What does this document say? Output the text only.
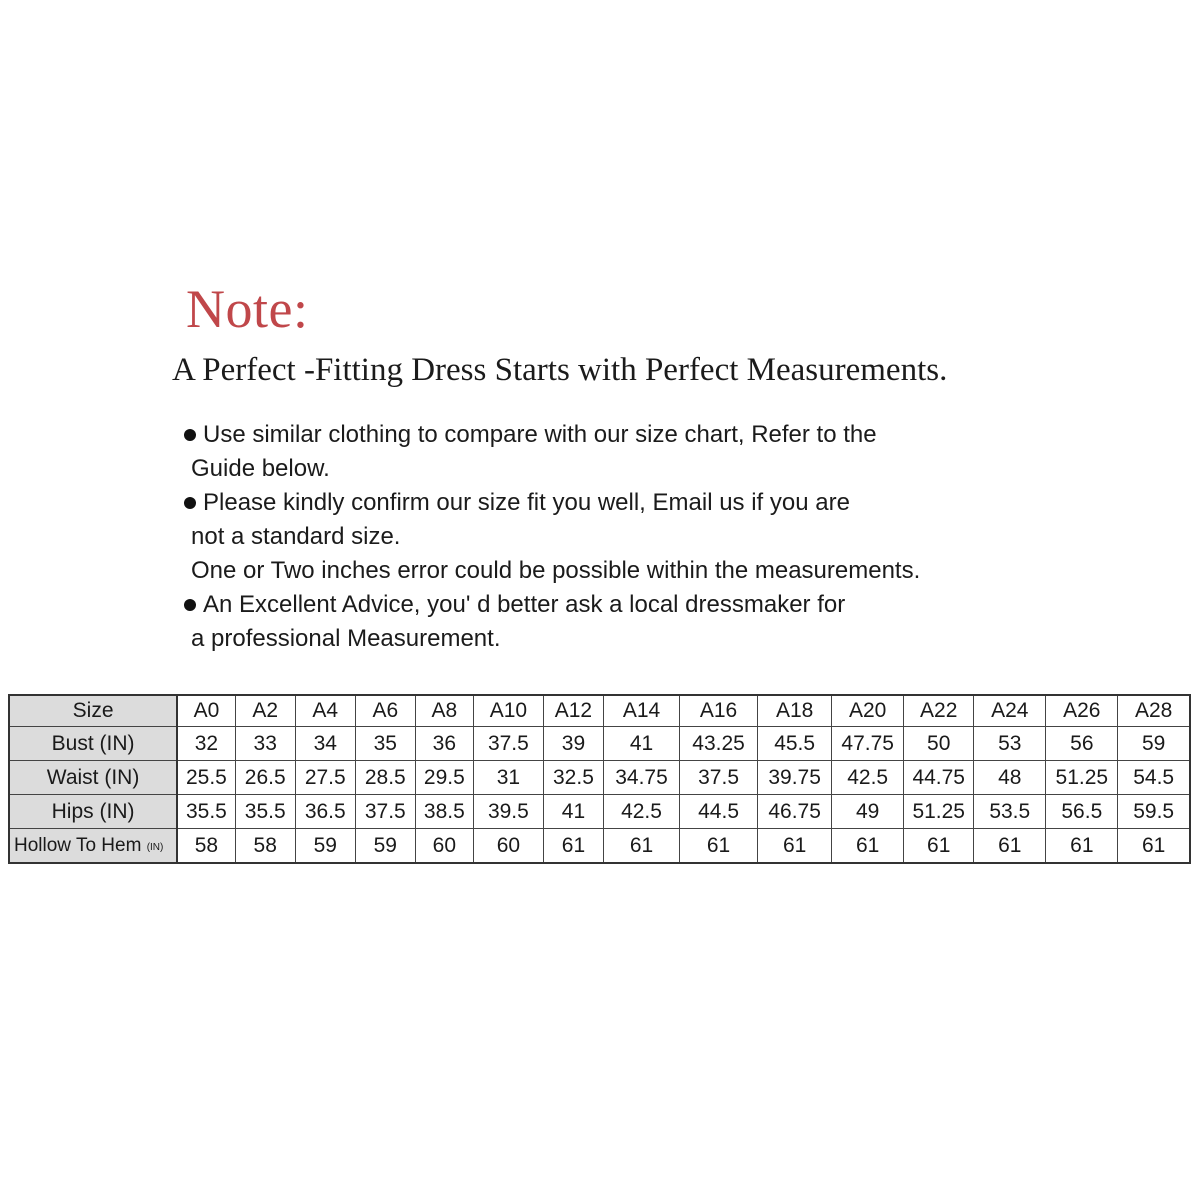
Note:
A Perfect -Fitting Dress Starts with Perfect Measurements.

Use similar clothing to compare with our size chart, Refer to the

Guide below.

Please kindly confirm our size fit you well, Email us if you are

not a standard size.

One or Two inches error could be possible within the measurements.

An Excellent Advice, you' d better ask a local dressmaker for

a professional Measurement.

Size	A0	A2	A4	A6	A8	A10	A12	A14	A16	A18	A20	A22	A24	A26	A28
Bust (IN)	32	33	34	35	36	37.5	39	41	43.25	45.5	47.75	50	53	56	59
Waist (IN)	25.5	26.5	27.5	28.5	29.5	31	32.5	34.75	37.5	39.75	42.5	44.75	48	51.25	54.5
Hips (IN)	35.5	35.5	36.5	37.5	38.5	39.5	41	42.5	44.5	46.75	49	51.25	53.5	56.5	59.5
Hollow To Hem (IN)	58	58	59	59	60	60	61	61	61	61	61	61	61	61	61
